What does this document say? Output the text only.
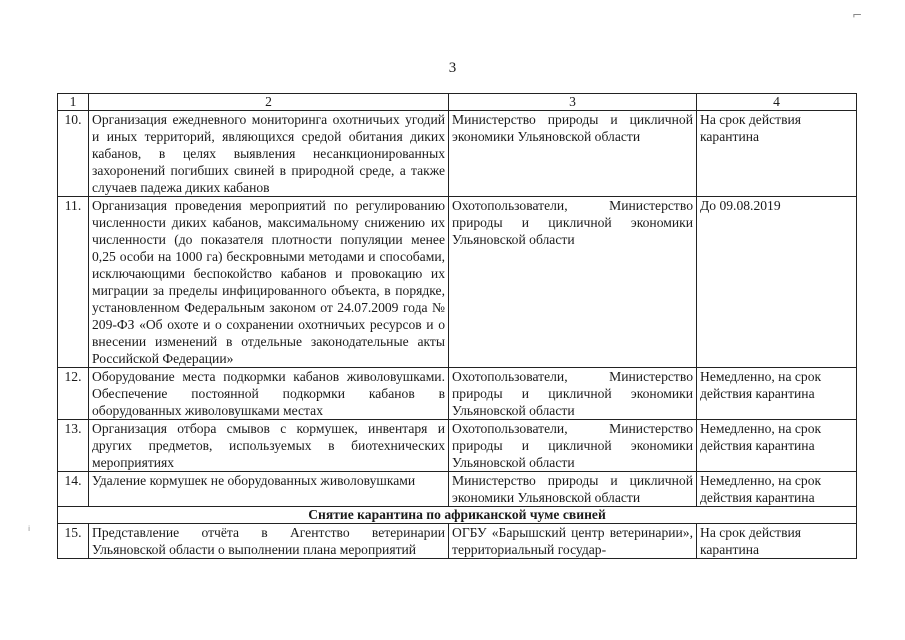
3
⌐
ᵢ
1	2	3	4
10.	Организация ежедневного мониторинга охотничьих угодий и иных территорий, являющихся средой обитания диких кабанов, в целях выявления несанкционированных захоронений погибших свиней в природной среде, а также случаев падежа диких кабанов	Министерство природы и цикличной экономики Ульяновской области	На срок действия карантина
11.	Организация проведения мероприятий по регулированию численности диких кабанов, максимальному снижению их численности (до показателя плотности популяции менее 0,25 особи на 1000 га) бескровными методами и способами, исключающими беспокойство кабанов и провокацию их миграции за пределы инфицированного объекта, в порядке, установленном Федеральным законом от 24.07.2009 года № 209-ФЗ «Об охоте и о сохранении охотничьих ресурсов и о внесении изменений в отдельные законодательные акты Российской Федерации»	Охотопользователи, Министерство природы и цикличной экономики Ульяновской области	До 09.08.2019
12.	Оборудование места подкормки кабанов живоловушками. Обеспечение постоянной подкормки кабанов в оборудованных живоловушками местах	Охотопользователи, Министерство природы и цикличной экономики Ульяновской области	Немедленно, на срок действия карантина
13.	Организация отбора смывов с кормушек, инвентаря и других предметов, используемых в биотехнических мероприятиях	Охотопользователи, Министерство природы и цикличной экономики Ульяновской области	Немедленно, на срок действия карантина
14.	Удаление кормушек не оборудованных живоловушками	Министерство природы и цикличной экономики Ульяновской области	Немедленно, на срок действия карантина
Снятие карантина по африканской чуме свиней			
15.	Представление отчёта в Агентство ветеринарии Ульяновской области о выполнении плана мероприятий	ОГБУ «Барышский центр ветеринарии», территориальный государ-	На срок действия карантина
